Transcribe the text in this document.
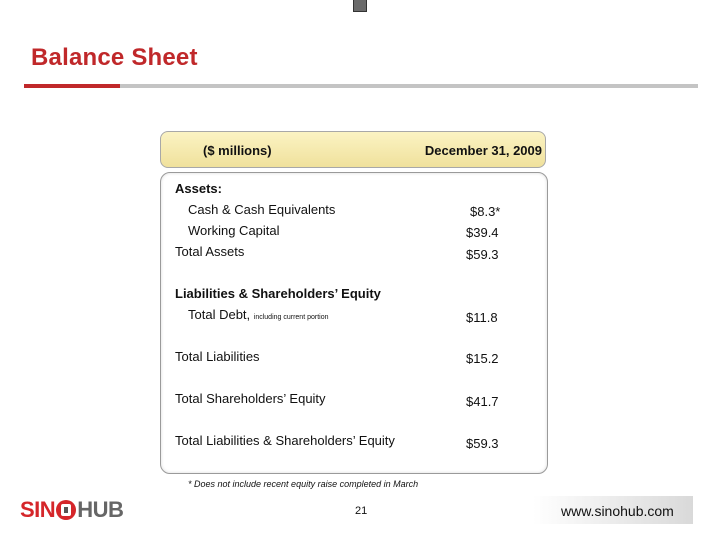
Balance Sheet
($ millions)	December 31, 2009
Assets:
Cash & Cash Equivalents	$8.3*
Working Capital	$39.4
Total Assets	$59.3
Liabilities & Shareholders’ Equity
Total Debt, including current portion	$11.8
Total Liabilities	$15.2
Total Shareholders’ Equity	$41.7
Total Liabilities & Shareholders’ Equity	$59.3
* Does not include recent equity raise completed in March
SIN HUB	21	www.sinohub.com
